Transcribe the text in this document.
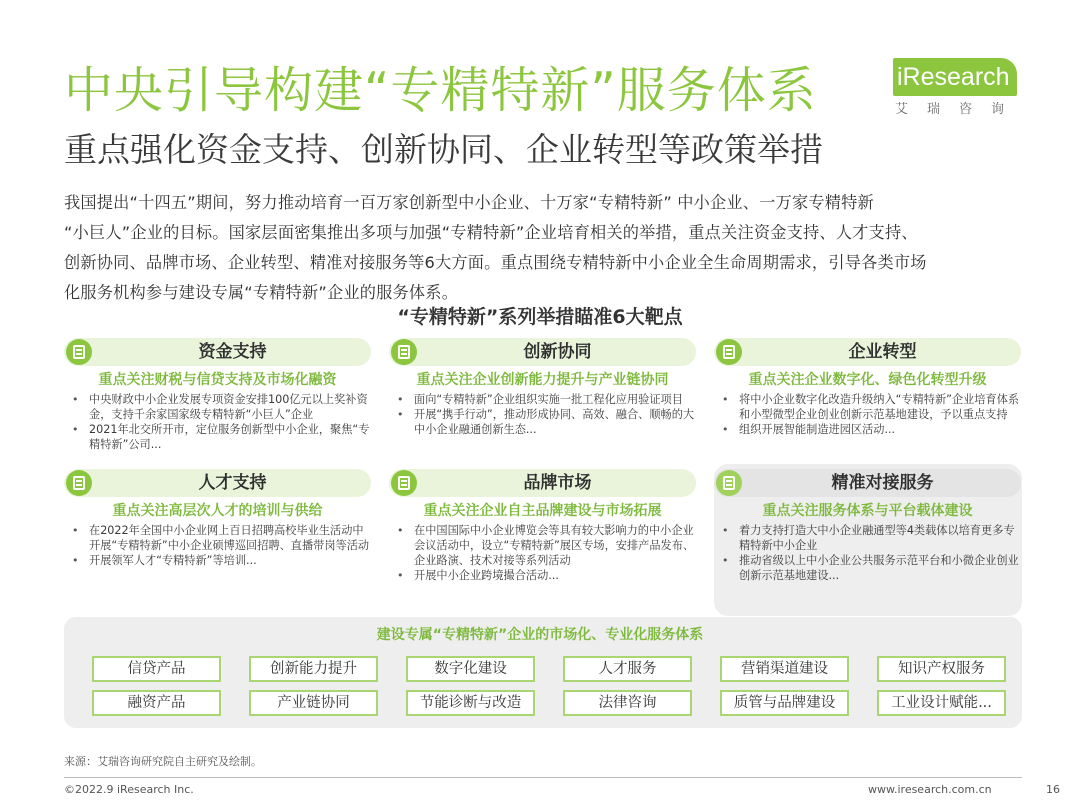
中央引导构建“专精特新”服务体系
重点强化资金支持、创新协同、企业转型等政策举措
iResearch
艾瑞咨询
我国提出“十四五”期间，努力推动培育一百万家创新型中小企业、十万家“专精特新” 中小企业、一万家专精特新
“小巨人”企业的目标。国家层面密集推出多项与加强“专精特新”企业培育相关的举措，重点关注资金支持、人才支持、
创新协同、品牌市场、企业转型、精准对接服务等6大方面。重点围绕专精特新中小企业全生命周期需求，引导各类市场
化服务机构参与建设专属“专精特新”企业的服务体系。
“专精特新”系列举措瞄准6大靶点
资金支持
重点关注财税与信贷支持及市场化融资
• 中央财政中小企业发展专项资金安排100亿元以上奖补资金，支持千余家国家级专精特新“小巨人”企业
• 2021年北交所开市，定位服务创新型中小企业，聚焦“专精特新”公司...
创新协同
重点关注企业创新能力提升与产业链协同
• 面向“专精特新”企业组织实施一批工程化应用验证项目
• 开展“携手行动”，推动形成协同、高效、融合、顺畅的大中小企业融通创新生态...
企业转型
重点关注企业数字化、绿色化转型升级
• 将中小企业数字化改造升级纳入“专精特新”企业培育体系和小型微型企业创业创新示范基地建设，予以重点支持
• 组织开展智能制造进园区活动...
人才支持
重点关注高层次人才的培训与供给
• 在2022年全国中小企业网上百日招聘高校毕业生活动中开展“专精特新”中小企业硕博巡回招聘、直播带岗等活动
• 开展领军人才“专精特新”等培训...
品牌市场
重点关注企业自主品牌建设与市场拓展
• 在中国国际中小企业博览会等具有较大影响力的中小企业会议活动中，设立“专精特新”展区专场，安排产品发布、企业路演、技术对接等系列活动
• 开展中小企业跨境撮合活动...
精准对接服务
重点关注服务体系与平台载体建设
• 着力支持打造大中小企业融通型等4类载体以培育更多专精特新中小企业
• 推动省级以上中小企业公共服务示范平台和小微企业创业创新示范基地建设...
建设专属“专精特新”企业的市场化、专业化服务体系
信贷产品	创新能力提升	数字化建设	人才服务	营销渠道建设	知识产权服务
融资产品	产业链协同	节能诊断与改造	法律咨询	质管与品牌建设	工业设计赋能...
来源：艾瑞咨询研究院自主研究及绘制。
©2022.9 iResearch Inc.	www.iresearch.com.cn	16
